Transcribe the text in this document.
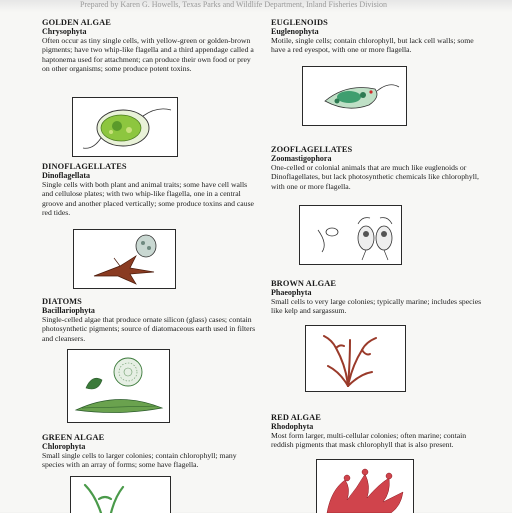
Prepared by Karen G. Howells, Texas Parks and Wildlife Department, Inland Fisheries Division
GOLDEN ALGAE
Chrysophyta
Often occur as tiny single cells, with yellow-green or golden-brown pigments; have two whip-like flagella and a third appendage called a haptonema used for attachment; can produce their own food or prey on other organisms; some produce potent toxins.
EUGLENOIDS
Euglenophyta
Motile, single cells; contain chlorophyll, but lack cell walls; some have a red eyespot, with one or more flagella.
DINOFLAGELLATES
Dinoflagellata
Single cells with both plant and animal traits; some have cell walls and cellulose plates; with two whip-like flagella, one in a central groove and another placed vertically; some produce toxins and cause red tides.
ZOOFLAGELLATES
Zoomastigophora
One-celled or colonial animals that are much like euglenoids or Dinoflagellates, but lack photosynthetic chemicals like chlorophyll, with one or more flagella.
BROWN ALGAE
Phaeophyta
Small cells to very large colonies; typically marine; includes species like kelp and sargassum.
DIATOMS
Bacillariophyta
Single-celled algae that produce ornate silicon (glass) cases; contain photosynthetic pigments; source of diatomaceous earth used in filters and cleansers.
RED ALGAE
Rhodophyta
Most form larger, multi-cellular colonies; often marine; contain reddish pigments that mask chlorophyll that is also present.
GREEN ALGAE
Chlorophyta
Small single cells to larger colonies; contain chlorophyll; many species with an array of forms; some have flagella.
